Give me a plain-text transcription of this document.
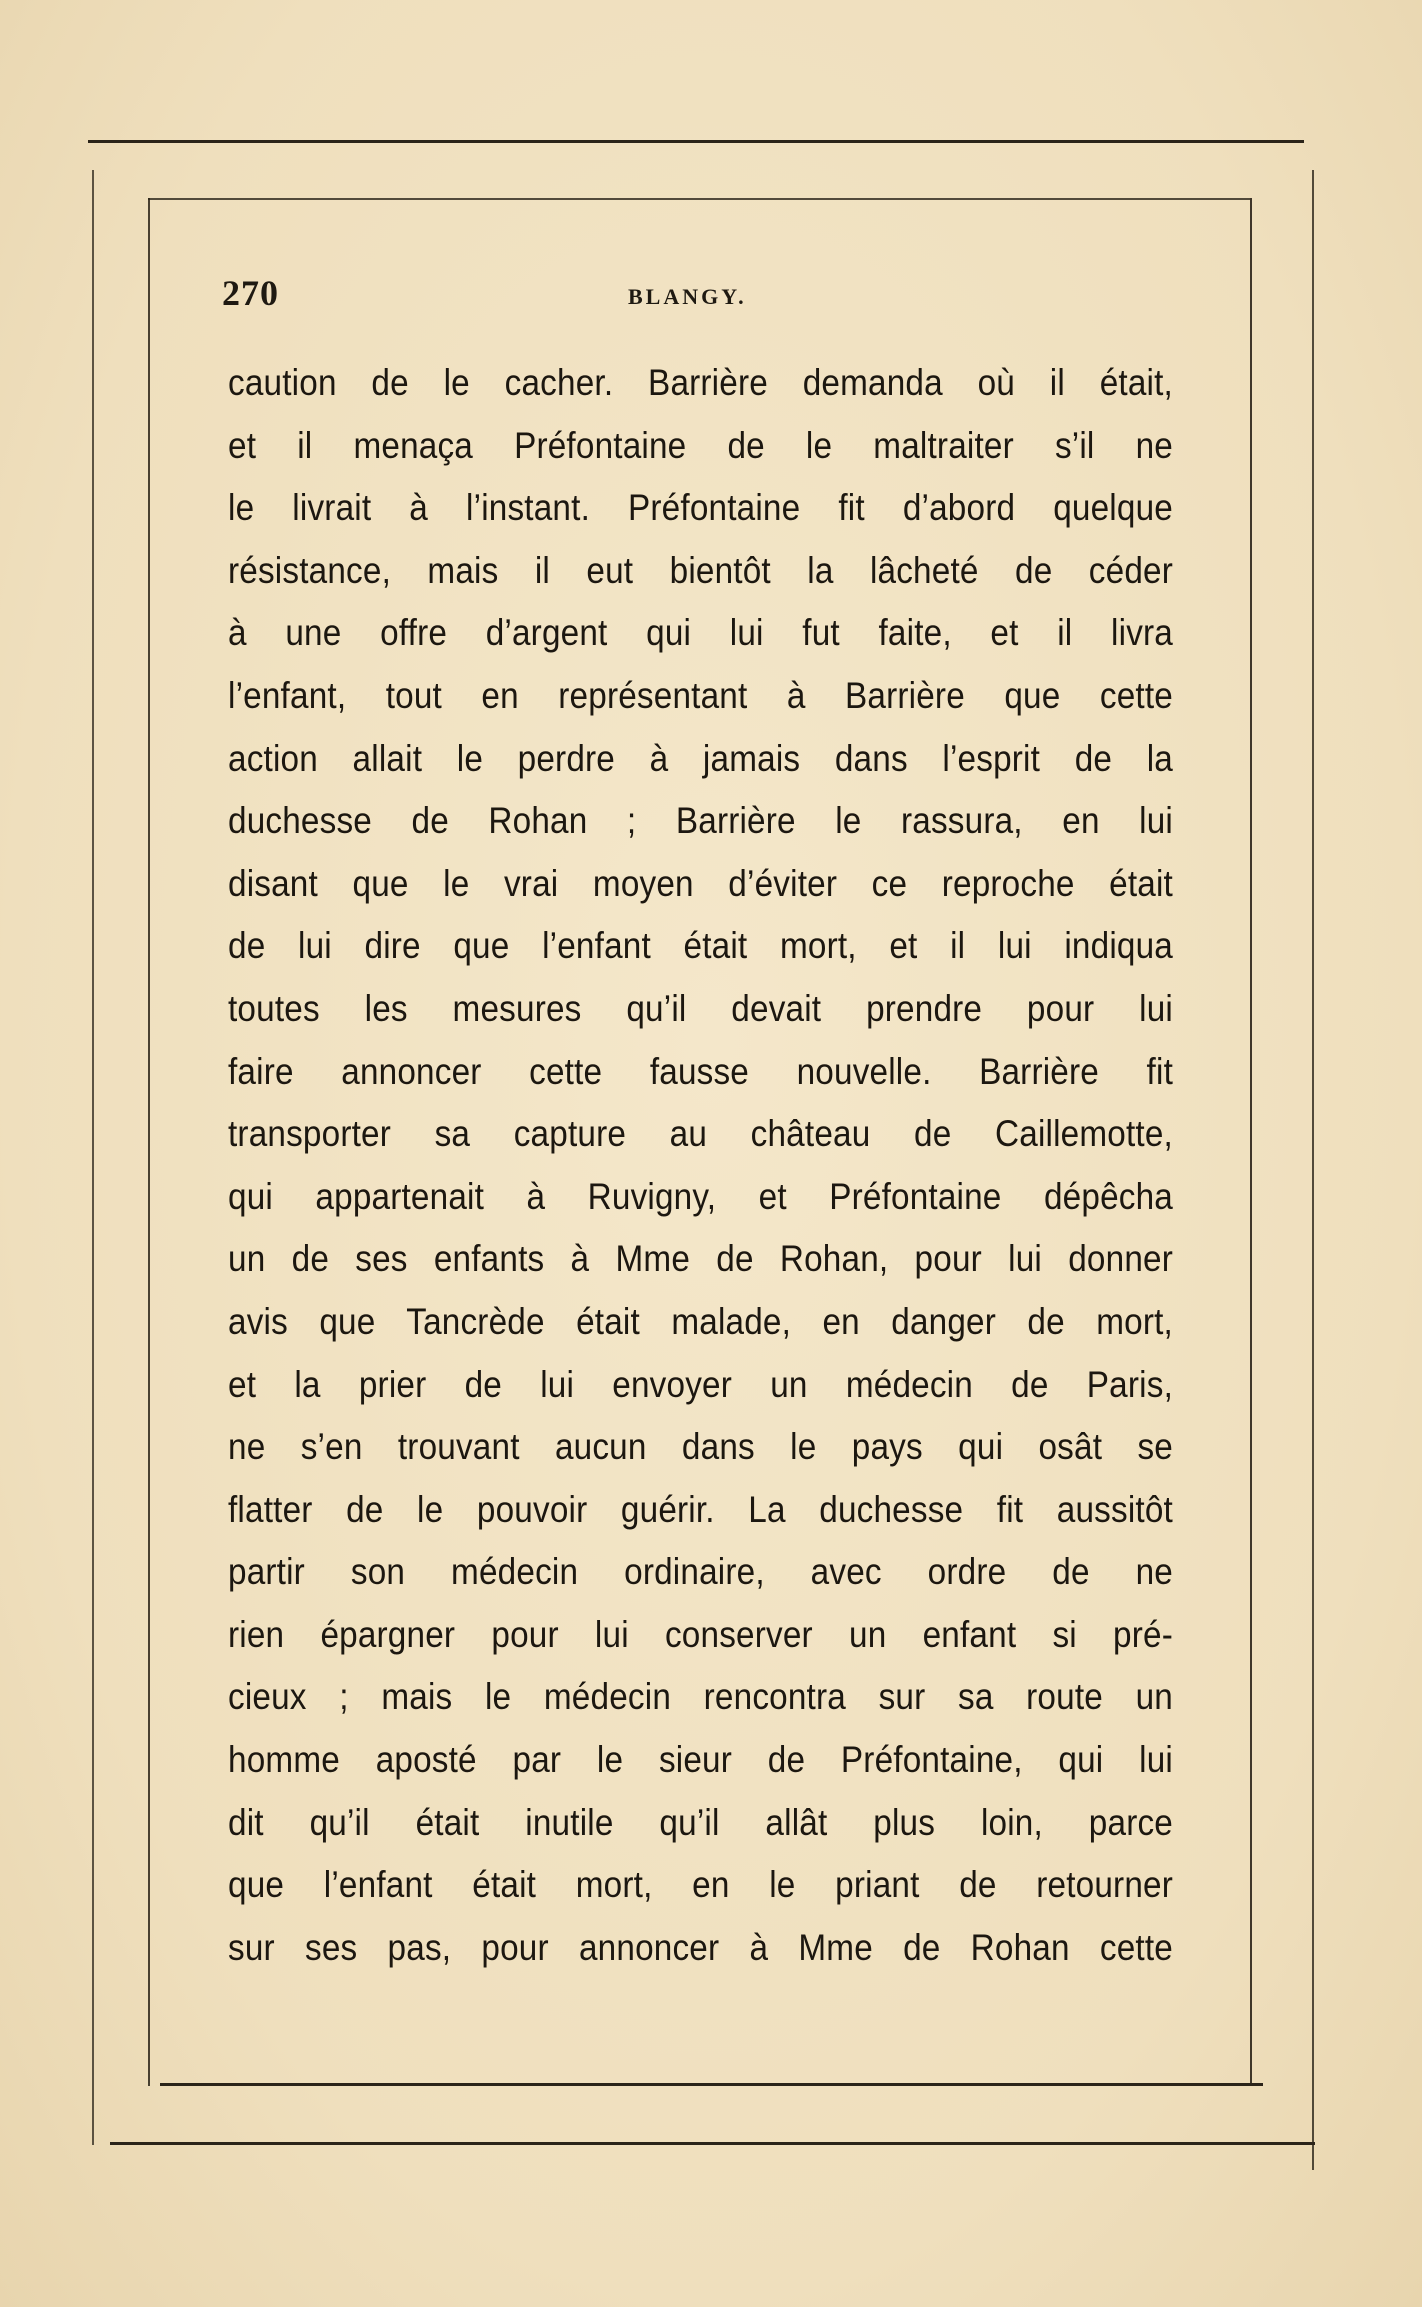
270	BLANGY.
caution de le cacher. Barrière demanda où il était,
et il menaça Préfontaine de le maltraiter s’il ne
le livrait à l’instant. Préfontaine fit d’abord quelque
résistance, mais il eut bientôt la lâcheté de céder
à une offre d’argent qui lui fut faite, et il livra
l’enfant, tout en représentant à Barrière que cette
action allait le perdre à jamais dans l’esprit de la
duchesse de Rohan ; Barrière le rassura, en lui
disant que le vrai moyen d’éviter ce reproche était
de lui dire que l’enfant était mort, et il lui indiqua
toutes les mesures qu’il devait prendre pour lui
faire annoncer cette fausse nouvelle. Barrière fit
transporter sa capture au château de Caillemotte,
qui appartenait à Ruvigny, et Préfontaine dépêcha
un de ses enfants à Mme de Rohan, pour lui donner
avis que Tancrède était malade, en danger de mort,
et la prier de lui envoyer un médecin de Paris,
ne s’en trouvant aucun dans le pays qui osât se
flatter de le pouvoir guérir. La duchesse fit aussitôt
partir son médecin ordinaire, avec ordre de ne
rien épargner pour lui conserver un enfant si pré-
cieux ; mais le médecin rencontra sur sa route un
homme aposté par le sieur de Préfontaine, qui lui
dit qu’il était inutile qu’il allât plus loin, parce
que l’enfant était mort, en le priant de retourner
sur ses pas, pour annoncer à Mme de Rohan cette
